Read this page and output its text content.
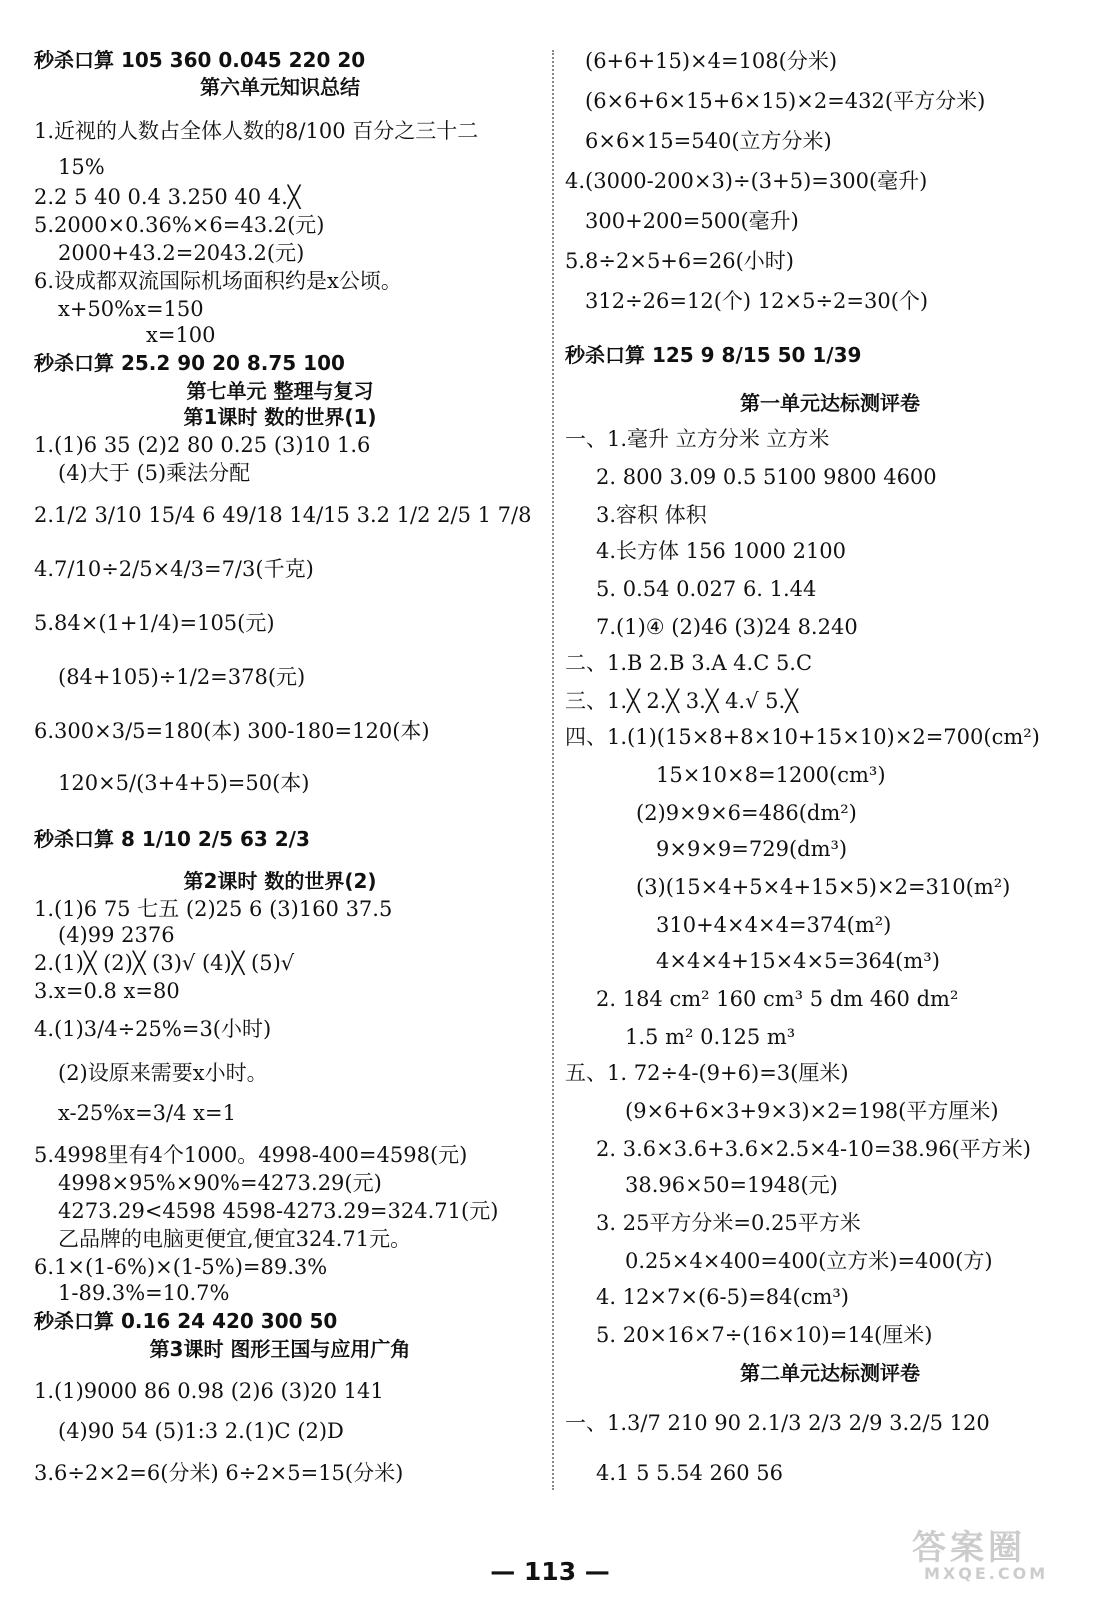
秒杀口算 105 360 0.045 220 20
第六单元知识总结
1.近视的人数占全体人数的8/100 百分之三十二
15%
2.2 5 40 0.4 3.250 40 4.╳
5.2000×0.36%×6=43.2(元)
2000+43.2=2043.2(元)
6.设成都双流国际机场面积约是x公顷。
x+50%x=150
x=100
秒杀口算 25.2 90 20 8.75 100
第七单元 整理与复习
第1课时 数的世界(1)
1.(1)6 35 (2)2 80 0.25 (3)10 1.6
(4)大于 (5)乘法分配
2.1/2 3/10 15/4 6 49/18 14/15 3.2 1/2 2/5 1 7/8
4.7/10÷2/5×4/3=7/3(千克)
5.84×(1+1/4)=105(元)
(84+105)÷1/2=378(元)
6.300×3/5=180(本) 300-180=120(本)
120×5/(3+4+5)=50(本)
秒杀口算 8 1/10 2/5 63 2/3
第2课时 数的世界(2)
1.(1)6 75 七五 (2)25 6 (3)160 37.5
(4)99 2376
2.(1)╳ (2)╳ (3)√ (4)╳ (5)√
3.x=0.8 x=80
4.(1)3/4÷25%=3(小时)
(2)设原来需要x小时。
x-25%x=3/4 x=1
5.4998里有4个1000。4998-400=4598(元)
4998×95%×90%=4273.29(元)
4273.29<4598 4598-4273.29=324.71(元)
乙品牌的电脑更便宜,便宜324.71元。
6.1×(1-6%)×(1-5%)=89.3%
1-89.3%=10.7%
秒杀口算 0.16 24 420 300 50
第3课时 图形王国与应用广角
1.(1)9000 86 0.98 (2)6 (3)20 141
(4)90 54 (5)1:3 2.(1)C (2)D
3.6÷2×2=6(分米) 6÷2×5=15(分米)
(6+6+15)×4=108(分米)
(6×6+6×15+6×15)×2=432(平方分米)
6×6×15=540(立方分米)
4.(3000-200×3)÷(3+5)=300(毫升)
300+200=500(毫升)
5.8÷2×5+6=26(小时)
312÷26=12(个) 12×5÷2=30(个)
秒杀口算 125 9 8/15 50 1/39
第一单元达标测评卷
一、1.毫升 立方分米 立方米
2. 800 3.09 0.5 5100 9800 4600
3.容积 体积
4.长方体 156 1000 2100
5. 0.54 0.027 6. 1.44
7.(1)④ (2)46 (3)24 8.240
二、1.B 2.B 3.A 4.C 5.C
三、1.╳ 2.╳ 3.╳ 4.√ 5.╳
四、1.(1)(15×8+8×10+15×10)×2=700(cm²)
15×10×8=1200(cm³)
(2)9×9×6=486(dm²)
9×9×9=729(dm³)
(3)(15×4+5×4+15×5)×2=310(m²)
310+4×4×4=374(m²)
4×4×4+15×4×5=364(m³)
2. 184 cm² 160 cm³ 5 dm 460 dm²
1.5 m² 0.125 m³
五、1. 72÷4-(9+6)=3(厘米)
(9×6+6×3+9×3)×2=198(平方厘米)
2. 3.6×3.6+3.6×2.5×4-10=38.96(平方米)
38.96×50=1948(元)
3. 25平方分米=0.25平方米
0.25×4×400=400(立方米)=400(方)
4. 12×7×(6-5)=84(cm³)
5. 20×16×7÷(16×10)=14(厘米)
第二单元达标测评卷
一、1.3/7 210 90 2.1/3 2/3 2/9 3.2/5 120
4.1 5 5.54 260 56
— 113 —
答案圈
MXQE.COM
